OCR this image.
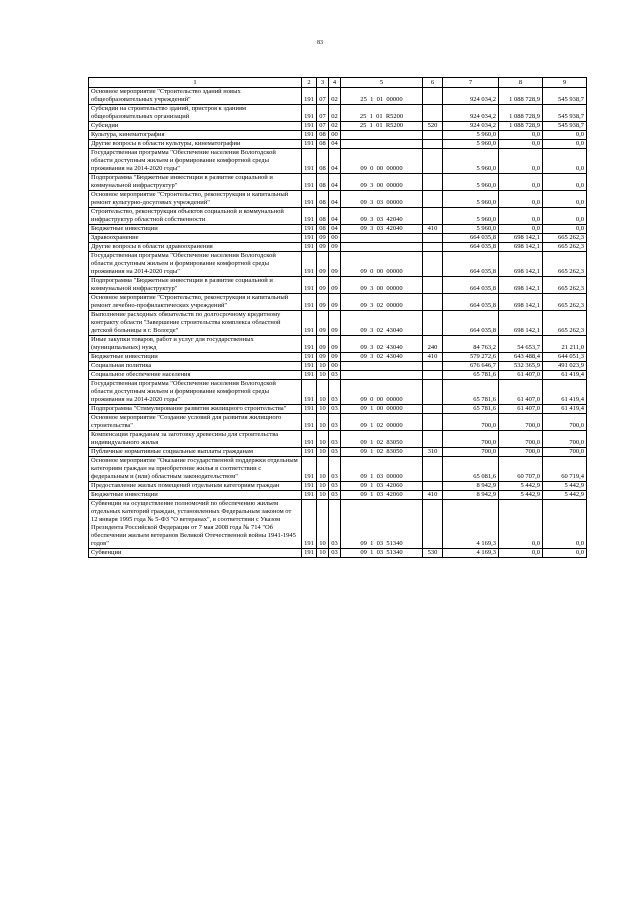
83
1	2	3	4	5	6	7	8	9
Основное мероприятие "Строительство зданий новых общеобразовательных учреждений"	191	07	02	25  1  01  00000		924 034,2	1 088 728,9	545 938,7
Субсидии на строительство зданий, пристроя к зданиям общеобразовательных организаций	191	07	02	25  1  01  R5200		924 034,2	1 088 728,9	545 938,7
Субсидии	191	07	02	25  1  01  R5200	520	924 034,2	1 088 728,9	545 938,7
Культура, кинематография	191	08	00			5 960,0	0,0	0,0
Другие вопросы в области культуры, кинематографии	191	08	04			5 960,0	0,0	0,0
Государственная программа "Обеспечение населения Вологодской области доступным жильем и формирование комфортной среды проживания на 2014-2020 годы"	191	08	04	09  0  00  00000		5 960,0	0,0	0,0
Подпрограмма "Бюджетные инвестиции в развитие социальной и коммунальной инфраструктур"	191	08	04	09  3  00  00000		5 960,0	0,0	0,0
Основное мероприятие "Строительство, реконструкция и капитальный ремонт культурно-досуговых учреждений"	191	08	04	09  3  03  00000		5 960,0	0,0	0,0
Строительство, реконструкция объектов социальной и коммунальной инфраструктур областной собственности	191	08	04	09  3  03  42040		5 960,0	0,0	0,0
Бюджетные инвестиции	191	08	04	09  3  03  42040	410	5 960,0	0,0	0,0
Здравоохранение	191	09	00			664 035,8	698 142,1	665 262,3
Другие вопросы в области здравоохранения	191	09	09			664 035,8	698 142,1	665 262,3
Государственная программа "Обеспечение населения Вологодской области доступным жильем и формирование комфортной среды проживания на 2014-2020 годы"	191	09	09	09  0  00  00000		664 035,8	698 142,1	665 262,3
Подпрограмма "Бюджетные инвестиции в развитие социальной и коммунальной инфраструктур"	191	09	09	09  3  00  00000		664 035,8	698 142,1	665 262,3
Основное мероприятие "Строительство, реконструкция и капитальный ремонт лечебно-профилактических учреждений"	191	09	09	09  3  02  00000		664 035,8	698 142,1	665 262,3
Выполнение расходных обязательств по долгосрочному кредитному контракту области "Завершение строительства комплекса областной детской больницы в г. Вологде"	191	09	09	09  3  02  43040		664 035,8	698 142,1	665 262,3
Иные закупки товаров, работ и услуг для государственных (муниципальных) нужд	191	09	09	09  3  02  43040	240	84 763,2	54 653,7	21 211,0
Бюджетные инвестиции	191	09	09	09  3  02  43040	410	579 272,6	643 488,4	644 051,3
Социальная политика	191	10	00			676 646,7	532 365,9	491 023,9
Социальное обеспечение населения	191	10	03			65 781,6	61 407,0	61 419,4
Государственная программа "Обеспечение населения Вологодской области доступным жильем и формирование комфортной среды проживания на 2014-2020 годы"	191	10	03	09  0  00  00000		65 781,6	61 407,0	61 419,4
Подпрограмма "Стимулирование развития жилищного строительства"	191	10	03	09  1  00  00000		65 781,6	61 407,0	61 419,4
Основное мероприятие "Создание условий для развития жилищного строительства"	191	10	03	09  1  02  00000		700,0	700,0	700,0
Компенсация гражданам за заготовку древесины для строительства индивидуального жилья	191	10	03	09  1  02  83050		700,0	700,0	700,0
Публичные нормативные социальные выплаты гражданам	191	10	03	09  1  02  83050	310	700,0	700,0	700,0
Основное мероприятие "Оказание государственной поддержки отдельным категориям граждан на приобретение жилья в соответствии с федеральным и (или) областным законодательством"	191	10	03	09  1  03  00000		65 081,6	60 707,0	60 719,4
Предоставление жилых помещений отдельным категориям граждан	191	10	03	09  1  03  42060		8 942,9	5 442,9	5 442,9
Бюджетные инвестиции	191	10	03	09  1  03  42060	410	8 942,9	5 442,9	5 442,9
Субвенции на осуществление полномочий по обеспечению жильем отдельных категорий граждан, установленных Федеральным законом от 12 января 1995 года № 5-ФЗ "О ветеранах", в соответствии с Указом Президента Российской Федерации от 7 мая 2008 года № 714 "Об обеспечении жильем ветеранов Великой Отечественной войны 1941-1945 годов"	191	10	03	09  1  03  51340		4 169,3	0,0	0,0
Субвенции	191	10	03	09  1  03  51340	530	4 169,3	0,0	0,0
